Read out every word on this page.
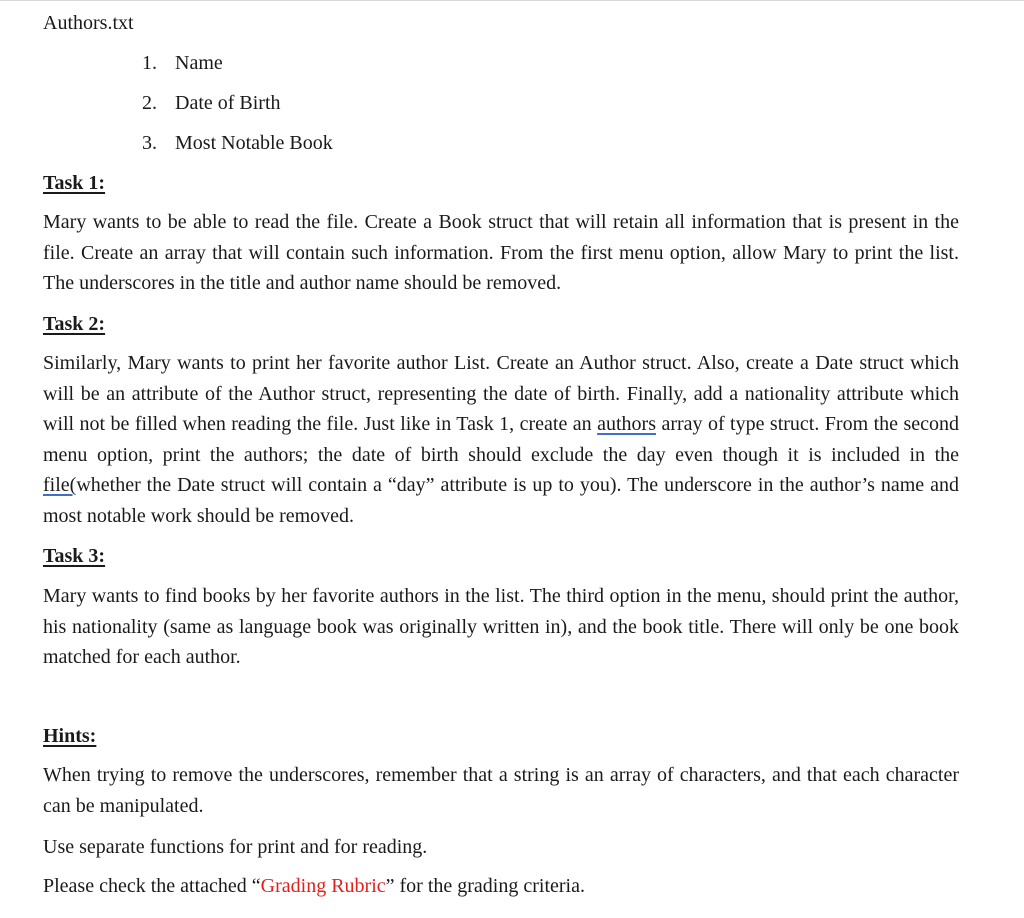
Authors.txt
1. Name
2. Date of Birth
3. Most Notable Book
Task 1:

Mary wants to be able to read the file. Create a Book struct that will retain all information that is present in the file. Create an array that will contain such information. From the first menu option, allow Mary to print the list. The underscores in the title and author name should be removed.

Task 2:

Similarly, Mary wants to print her favorite author List. Create an Author struct. Also, create a Date struct which will be an attribute of the Author struct, representing the date of birth. Finally, add a nationality attribute which will not be filled when reading the file. Just like in Task 1, create an authors array of type struct. From the second menu option, print the authors; the date of birth should exclude the day even though it is included in the file(whether the Date struct will contain a “day” attribute is up to you). The underscore in the author’s name and most notable work should be removed.

Task 3:

Mary wants to find books by her favorite authors in the list. The third option in the menu, should print the author, his nationality (same as language book was originally written in), and the book title. There will only be one book matched for each author.

Hints:

When trying to remove the underscores, remember that a string is an array of characters, and that each character can be manipulated.

Use separate functions for print and for reading.
Please check the attached “Grading Rubric” for the grading criteria.
